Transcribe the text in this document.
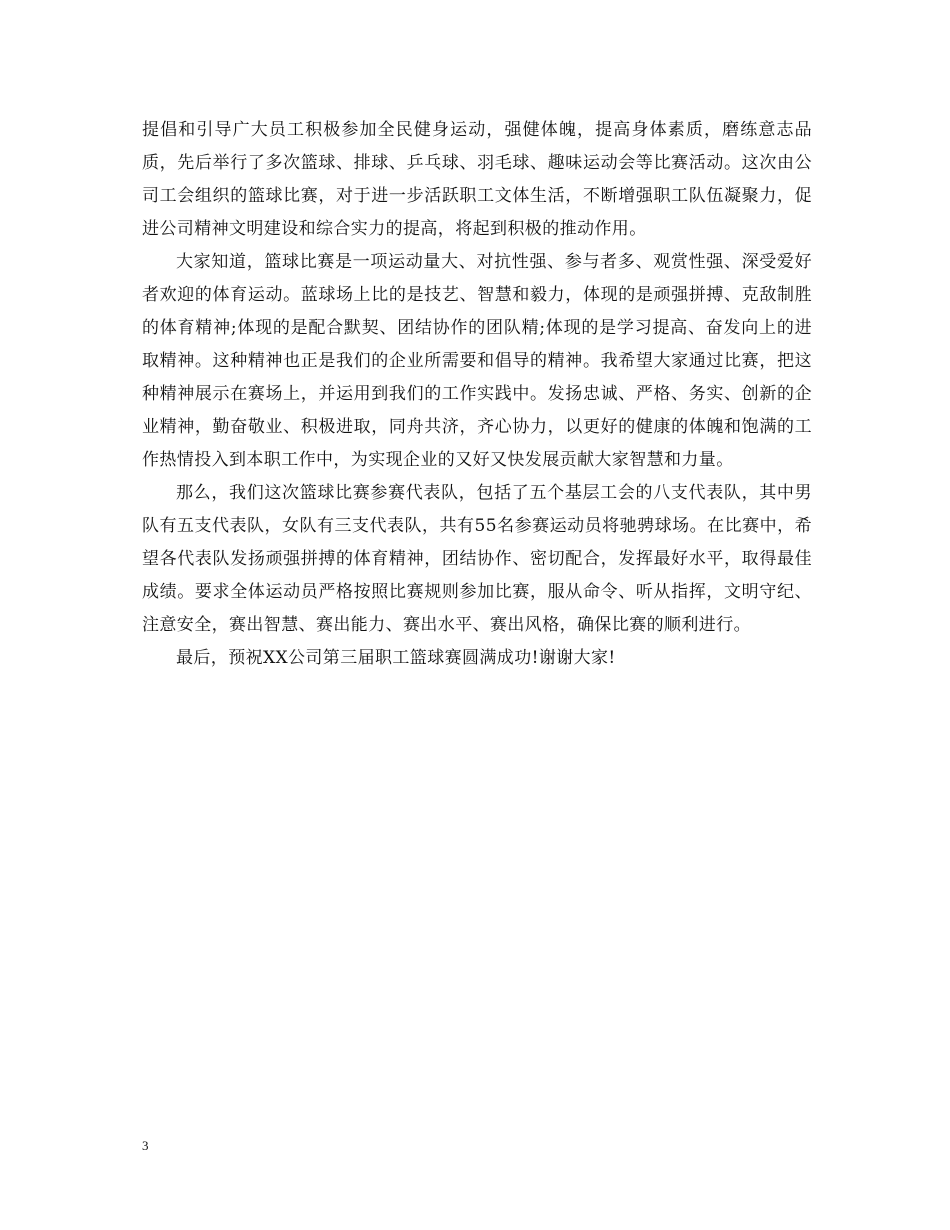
提倡和引导广大员工积极参加全民健身运动，强健体魄，提高身体素质，磨练意志品质，先后举行了多次篮球、排球、乒乓球、羽毛球、趣味运动会等比赛活动。这次由公司工会组织的篮球比赛，对于进一步活跃职工文体生活，不断增强职工队伍凝聚力，促进公司精神文明建设和综合实力的提高，将起到积极的推动作用。

大家知道，篮球比赛是一项运动量大、对抗性强、参与者多、观赏性强、深受爱好者欢迎的体育运动。蓝球场上比的是技艺、智慧和毅力，体现的是顽强拼搏、克敌制胜的体育精神;体现的是配合默契、团结协作的团队精;体现的是学习提高、奋发向上的进取精神。这种精神也正是我们的企业所需要和倡导的精神。我希望大家通过比赛，把这种精神展示在赛场上，并运用到我们的工作实践中。发扬忠诚、严格、务实、创新的企业精神，勤奋敬业、积极进取，同舟共济，齐心协力，以更好的健康的体魄和饱满的工作热情投入到本职工作中，为实现企业的又好又快发展贡献大家智慧和力量。

那么，我们这次篮球比赛参赛代表队，包括了五个基层工会的八支代表队，其中男队有五支代表队，女队有三支代表队，共有55名参赛运动员将驰骋球场。在比赛中，希望各代表队发扬顽强拼搏的体育精神，团结协作、密切配合，发挥最好水平，取得最佳成绩。要求全体运动员严格按照比赛规则参加比赛，服从命令、听从指挥，文明守纪、注意安全，赛出智慧、赛出能力、赛出水平、赛出风格，确保比赛的顺利进行。

最后，预祝XX公司第三届职工篮球赛圆满成功!谢谢大家!

3
